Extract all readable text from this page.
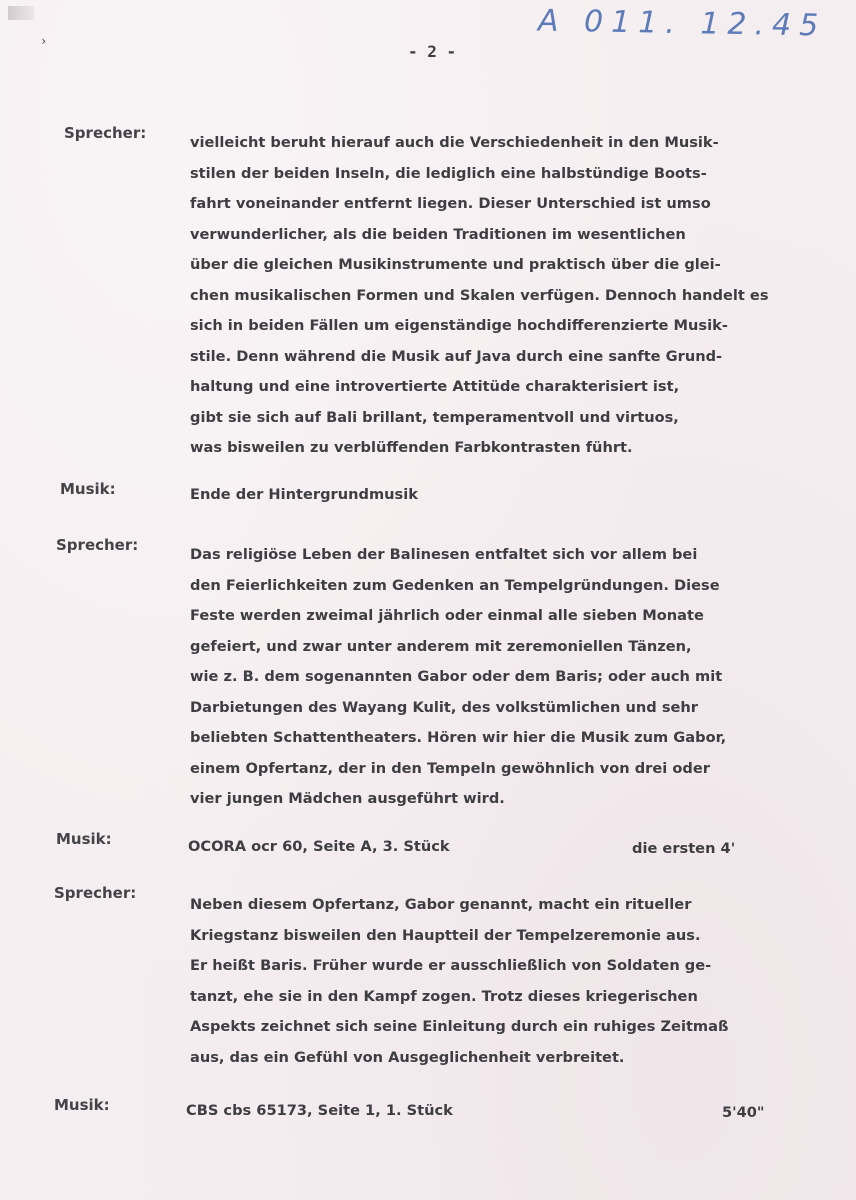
›	A 011. 12.45
- 2 -
Sprecher:
vielleicht beruht hierauf auch die Verschiedenheit in den Musik-
stilen der beiden Inseln, die lediglich eine halbstündige Boots-
fahrt voneinander entfernt liegen. Dieser Unterschied ist umso
verwunderlicher, als die beiden Traditionen im wesentlichen
über die gleichen Musikinstrumente und praktisch über die glei-
chen musikalischen Formen und Skalen verfügen. Dennoch handelt es
sich in beiden Fällen um eigenständige hochdifferenzierte Musik-
stile. Denn während die Musik auf Java durch eine sanfte Grund-
haltung und eine introvertierte Attitüde charakterisiert ist,
gibt sie sich auf Bali brillant, temperamentvoll und virtuos,
was bisweilen zu verblüffenden Farbkontrasten führt.
Musik:	Ende der Hintergrundmusik
Sprecher:
Das religiöse Leben der Balinesen entfaltet sich vor allem bei
den Feierlichkeiten zum Gedenken an Tempelgründungen. Diese
Feste werden zweimal jährlich oder einmal alle sieben Monate
gefeiert, und zwar unter anderem mit zeremoniellen Tänzen,
wie z. B. dem sogenannten Gabor oder dem Baris; oder auch mit
Darbietungen des Wayang Kulit, des volkstümlichen und sehr
beliebten Schattentheaters. Hören wir hier die Musik zum Gabor,
einem Opfertanz, der in den Tempeln gewöhnlich von drei oder
vier jungen Mädchen ausgeführt wird.
Musik:	OCORA ocr 60, Seite A, 3. Stück	die ersten 4'
Sprecher:
Neben diesem Opfertanz, Gabor genannt, macht ein ritueller
Kriegstanz bisweilen den Hauptteil der Tempelzeremonie aus.
Er heißt Baris. Früher wurde er ausschließlich von Soldaten ge-
tanzt, ehe sie in den Kampf zogen. Trotz dieses kriegerischen
Aspekts zeichnet sich seine Einleitung durch ein ruhiges Zeitmaß
aus, das ein Gefühl von Ausgeglichenheit verbreitet.
Musik:	CBS cbs 65173, Seite 1, 1. Stück	5'40"
